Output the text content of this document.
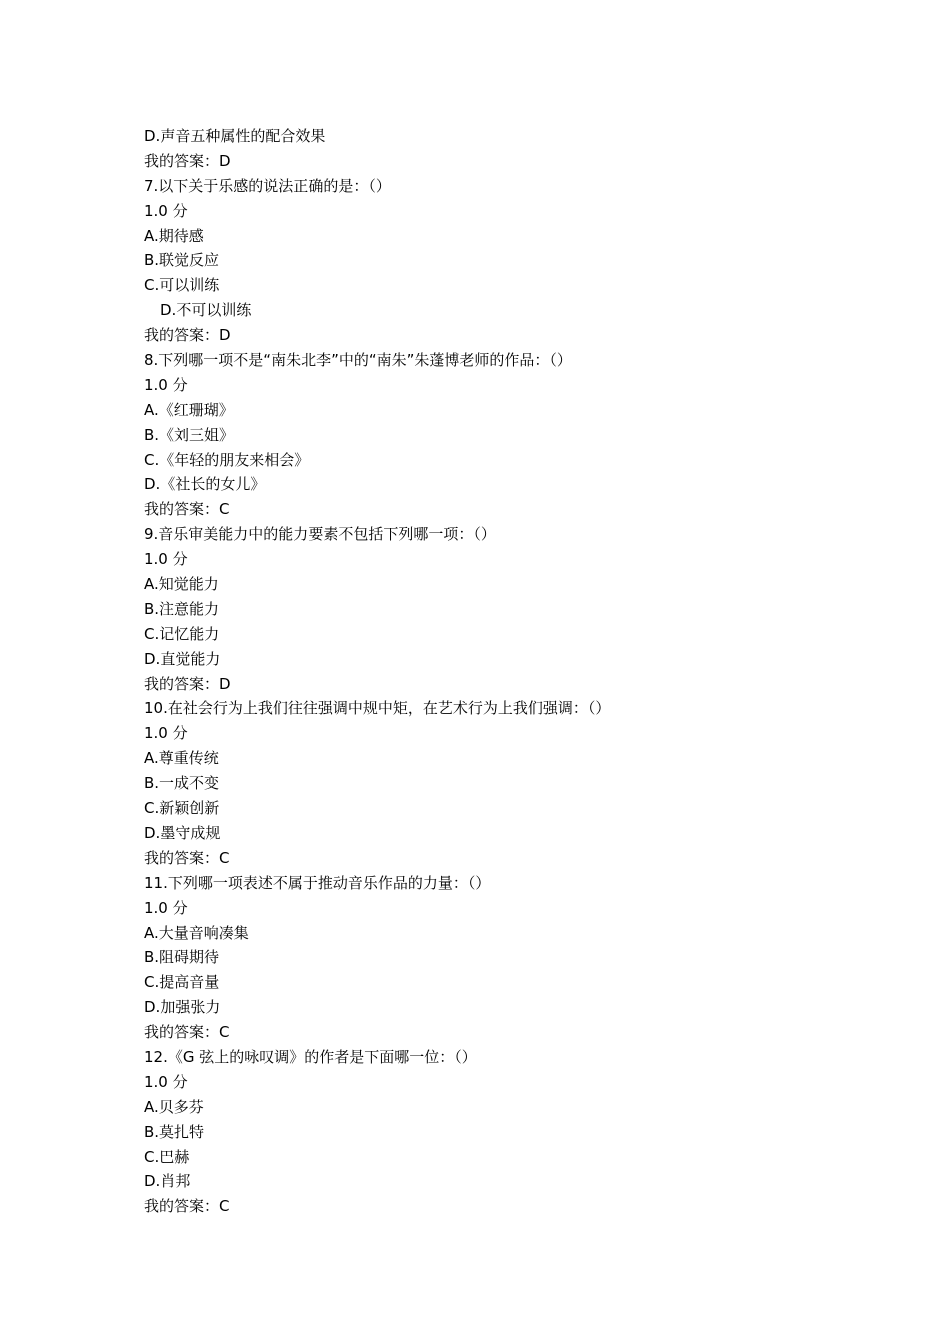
D.声音五种属性的配合效果
我的答案：D
7.以下关于乐感的说法正确的是：（）
1.0 分
A.期待感
B.联觉反应
C.可以训练
D.不可以训练
我的答案：D
8.下列哪一项不是“南朱北李”中的“南朱”朱蓬博老师的作品：（）
1.0 分
A.《红珊瑚》
B.《刘三姐》
C.《年轻的朋友来相会》
D.《社长的女儿》
我的答案：C
9.音乐审美能力中的能力要素不包括下列哪一项：（）
1.0 分
A.知觉能力
B.注意能力
C.记忆能力
D.直觉能力
我的答案：D
10.在社会行为上我们往往强调中规中矩，在艺术行为上我们强调：（）
1.0 分
A.尊重传统
B.一成不变
C.新颖创新
D.墨守成规
我的答案：C
11.下列哪一项表述不属于推动音乐作品的力量：（）
1.0 分
A.大量音响凑集
B.阻碍期待
C.提高音量
D.加强张力
我的答案：C
12.《G 弦上的咏叹调》的作者是下面哪一位：（）
1.0 分
A.贝多芬
B.莫扎特
C.巴赫
D.肖邦
我的答案：C
